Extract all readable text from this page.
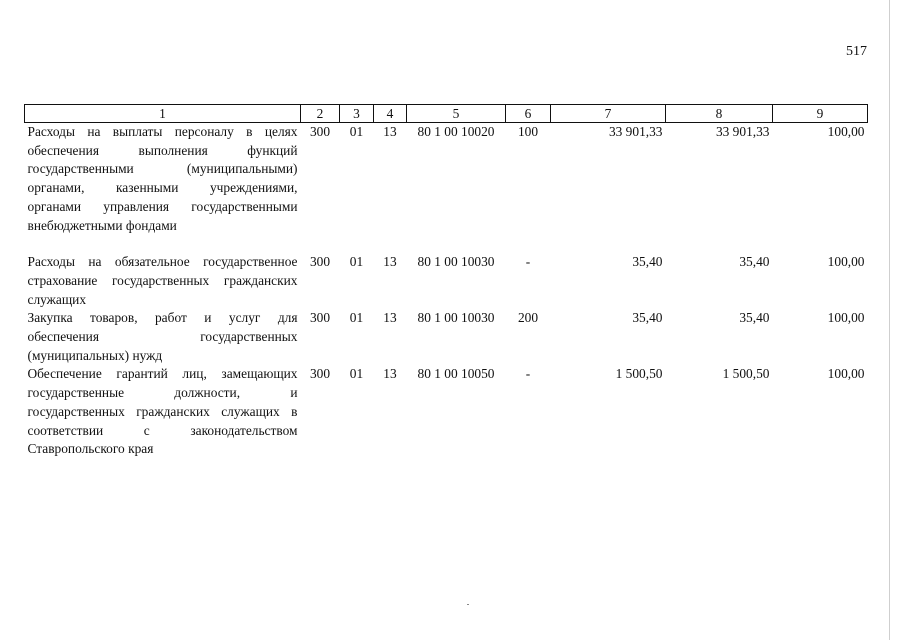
517
1	2	3	4	5	6	7	8	9
Расходы на выплаты персоналу в целях обеспечения выполнения функций государственными (муниципальными) органами, казенными учреждениями, органами управления государственными внебюджетными фондами	300	01	13	80 1 00 10020	100	33 901,33	33 901,33	100,00

Расходы на обязательное государственное страхование государственных гражданских служащих	300	01	13	80 1 00 10030	-	35,40	35,40	100,00
Закупка товаров, работ и услуг для обеспечения государственных (муниципальных) нужд	300	01	13	80 1 00 10030	200	35,40	35,40	100,00
Обеспечение гарантий лиц, замещающих государственные должности, и государственных гражданских служащих в соответствии с законодательством Ставропольского края	300	01	13	80 1 00 10050	-	1 500,50	1 500,50	100,00
